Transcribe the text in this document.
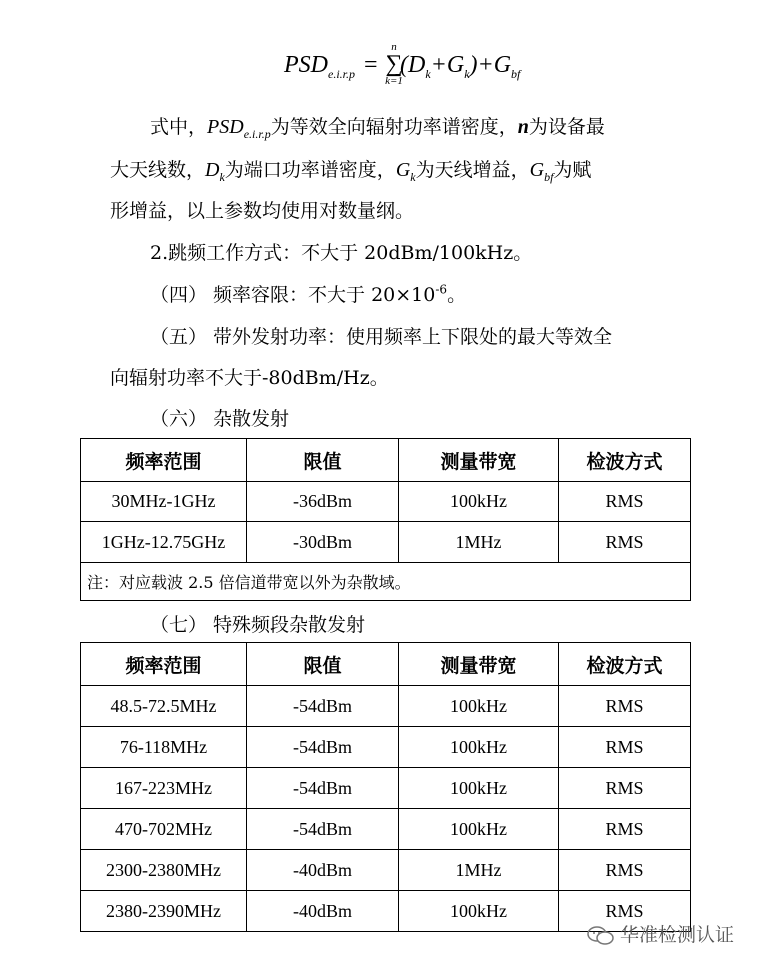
$PSD_{e.i.r.p}$ =
n
∑
k=1
$(D_k+G_k)+G_{bf}$
式中，$PSD_{e.i.r.p}$为等效全向辐射功率谱密度，n为设备最
大天线数，$D_k$为端口功率谱密度，$G_k$为天线增益，$G_{bf}$为赋
形增益，以上参数均使用对数量纲。
2.跳频工作方式：不大于 20dBm/100kHz。
（四） 频率容限：不大于 $20\times 10^{-6}$。
（五） 带外发射功率：使用频率上下限处的最大等效全
向辐射功率不大于-80dBm/Hz。
（六） 杂散发射
频率范围	限值	测量带宽	检波方式
30MHz-1GHz	-36dBm	100kHz	RMS
1GHz-12.75GHz	-30dBm	1MHz	RMS
注：对应载波 2.5 倍信道带宽以外为杂散域。			
（七） 特殊频段杂散发射
频率范围	限值	测量带宽	检波方式
48.5-72.5MHz	-54dBm	100kHz	RMS
76-118MHz	-54dBm	100kHz	RMS
167-223MHz	-54dBm	100kHz	RMS
470-702MHz	-54dBm	100kHz	RMS
2300-2380MHz	-40dBm	1MHz	RMS
2380-2390MHz	-40dBm	100kHz	RMS
华准检测认证
